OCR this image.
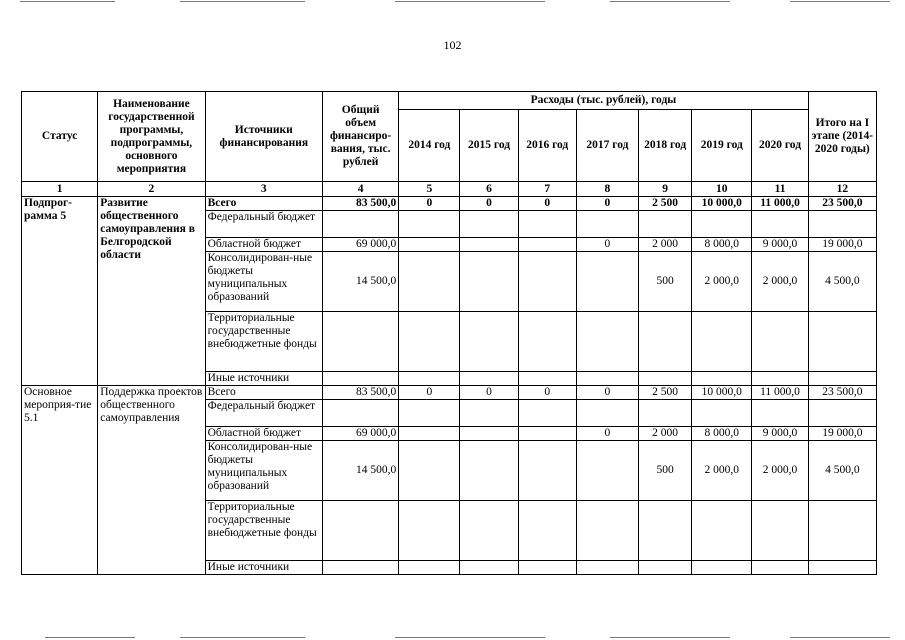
102
Статус	Наименование государственной программы, подпрограммы, основного мероприятия	Источники финансирования	Общий объем финансиро-вания, тыс. рублей	Расходы (тыс. рублей), годы							Итого на I этапе (2014-2020 годы)
				2014 год	2015 год	2016 год	2017 год	2018 год	2019 год	2020 год	
1	2	3	4	5	6	7	8	9	10	11	12
Подпрог-рамма 5	Развитие общественного самоуправления в Белгородской области	Всего	83 500,0	0	0	0	0	2 500	10 000,0	11 000,0	23 500,0
		Федеральный бюджет									
		Областной бюджет	69 000,0				0	2 000	8 000,0	9 000,0	19 000,0
		Консолидирован-ные бюджеты муниципальных образований	14 500,0					500	2 000,0	2 000,0	4 500,0
		Территориальные государственные внебюджетные фонды									
		Иные источники									
Основное мероприя-тие 5.1	Поддержка проектов общественного самоуправления	Всего	83 500,0	0	0	0	0	2 500	10 000,0	11 000,0	23 500,0
		Федеральный бюджет									
		Областной бюджет	69 000,0				0	2 000	8 000,0	9 000,0	19 000,0
		Консолидирован-ные бюджеты муниципальных образований	14 500,0					500	2 000,0	2 000,0	4 500,0
		Территориальные государственные внебюджетные фонды									
		Иные источники									
